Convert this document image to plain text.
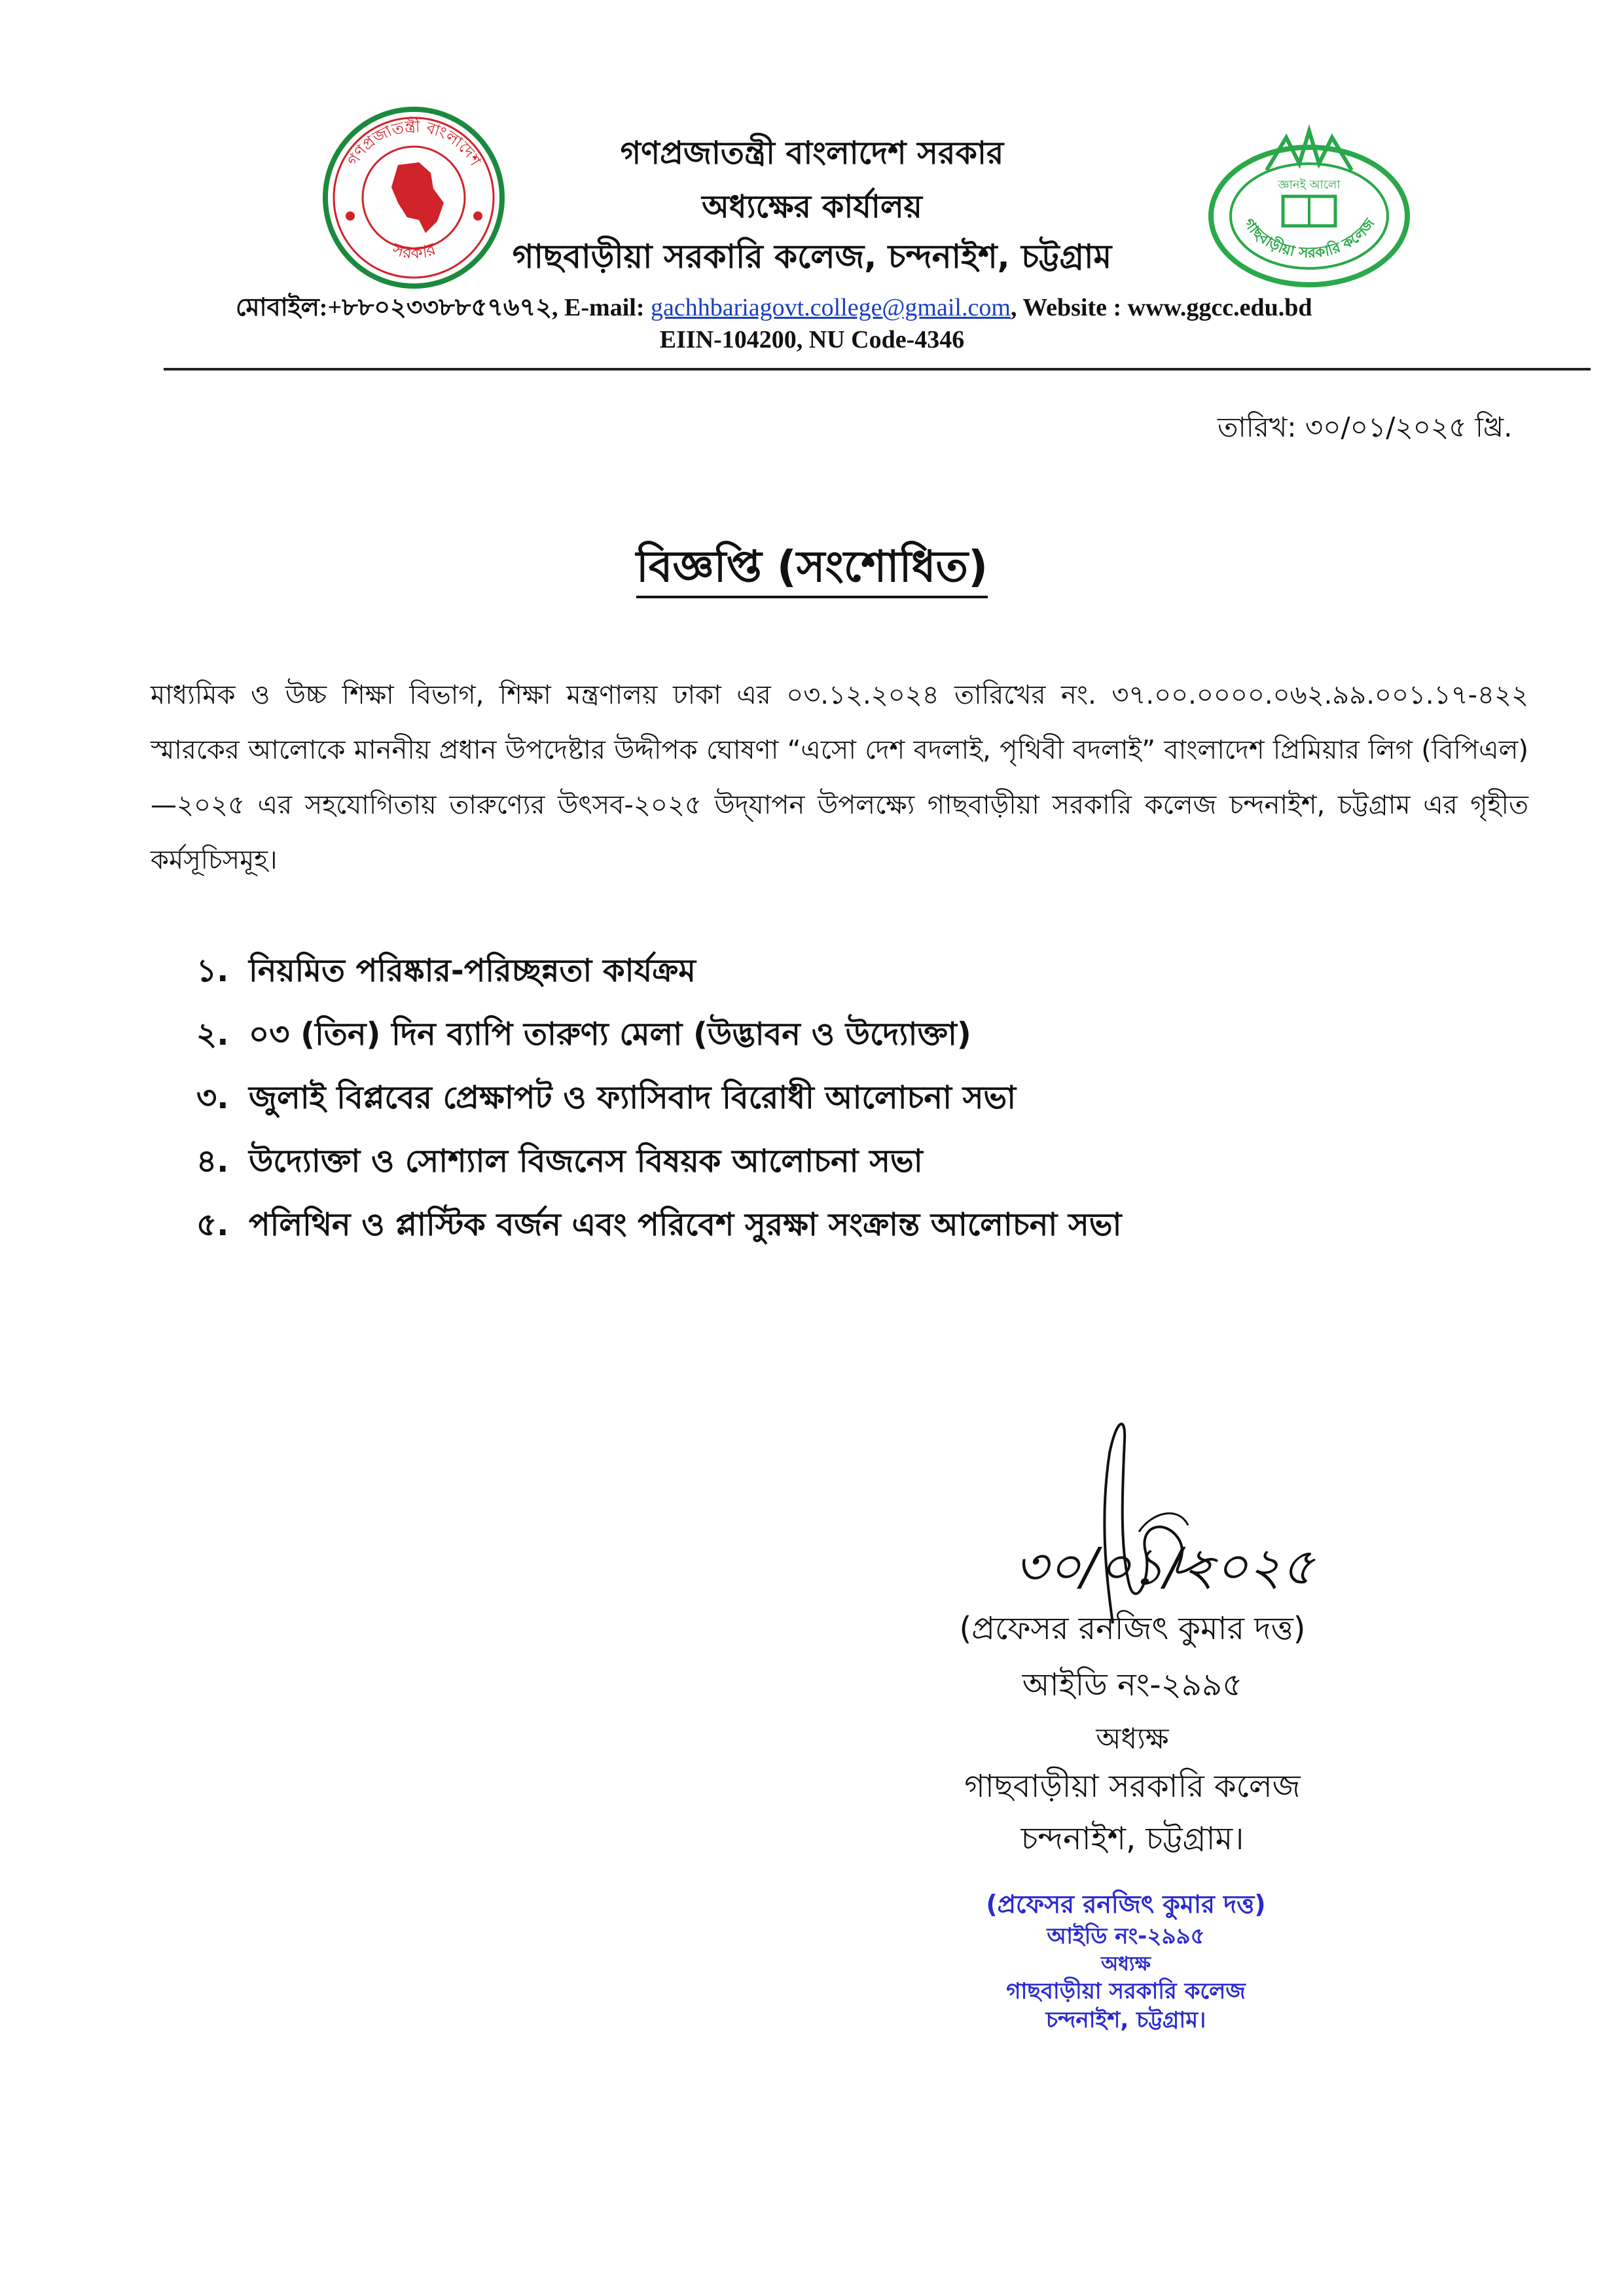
গণপ্রজাতন্ত্রী বাংলাদেশ
সরকার
গণপ্রজাতন্ত্রী বাংলাদেশ সরকার
অধ্যক্ষের কার্যালয়
গাছবাড়ীয়া সরকারি কলেজ, চন্দনাইশ, চট্টগ্রাম
জ্ঞানই আলো
গাছবাড়ীয়া সরকারি কলেজ
মোবাইল:+৮৮০২৩৩৮৮৫৭৬৭২, E-mail: gachhbariagovt.college@gmail.com, Website : www.ggcc.edu.bd
EIIN-104200, NU Code-4346
তারিখ: ৩০/০১/২০২৫ খ্রি.
বিজ্ঞপ্তি (সংশোধিত)
মাধ্যমিক ও উচ্চ শিক্ষা বিভাগ, শিক্ষা মন্ত্রণালয় ঢাকা এর ০৩.১২.২০২৪ তারিখের নং. ৩৭.০০.০০০০.০৬২.৯৯.০০১.১৭-৪২২ স্মারকের আলোকে মাননীয় প্রধান উপদেষ্টার উদ্দীপক ঘোষণা “এসো দেশ বদলাই, পৃথিবী বদলাই” বাংলাদেশ প্রিমিয়ার লিগ (বিপিএল)—২০২৫ এর সহযোগিতায় তারুণ্যের উৎসব-২০২৫ উদ্‌যাপন উপলক্ষ্যে গাছবাড়ীয়া সরকারি কলেজ চন্দনাইশ, চট্টগ্রাম এর গৃহীত কর্মসূচিসমূহ।
১. নিয়মিত পরিষ্কার-পরিচ্ছন্নতা কার্যক্রম
২. ০৩ (তিন) দিন ব্যাপি তারুণ্য মেলা (উদ্ভাবন ও উদ্যোক্তা)
৩. জুলাই বিপ্লবের প্রেক্ষাপট ও ফ্যাসিবাদ বিরোধী আলোচনা সভা
৪. উদ্যোক্তা ও সোশ্যাল বিজনেস বিষয়ক আলোচনা সভা
৫. পলিথিন ও প্লাস্টিক বর্জন এবং পরিবেশ সুরক্ষা সংক্রান্ত আলোচনা সভা
৩০/০১/২০২৫
(প্রফেসর রনজিৎ কুমার দত্ত)
আইডি নং-২৯৯৫
অধ্যক্ষ
গাছবাড়ীয়া সরকারি কলেজ
চন্দনাইশ, চট্টগ্রাম।
(প্রফেসর রনজিৎ কুমার দত্ত)
আইডি নং-২৯৯৫
অধ্যক্ষ
গাছবাড়ীয়া সরকারি কলেজ
চন্দনাইশ, চট্টগ্রাম।
